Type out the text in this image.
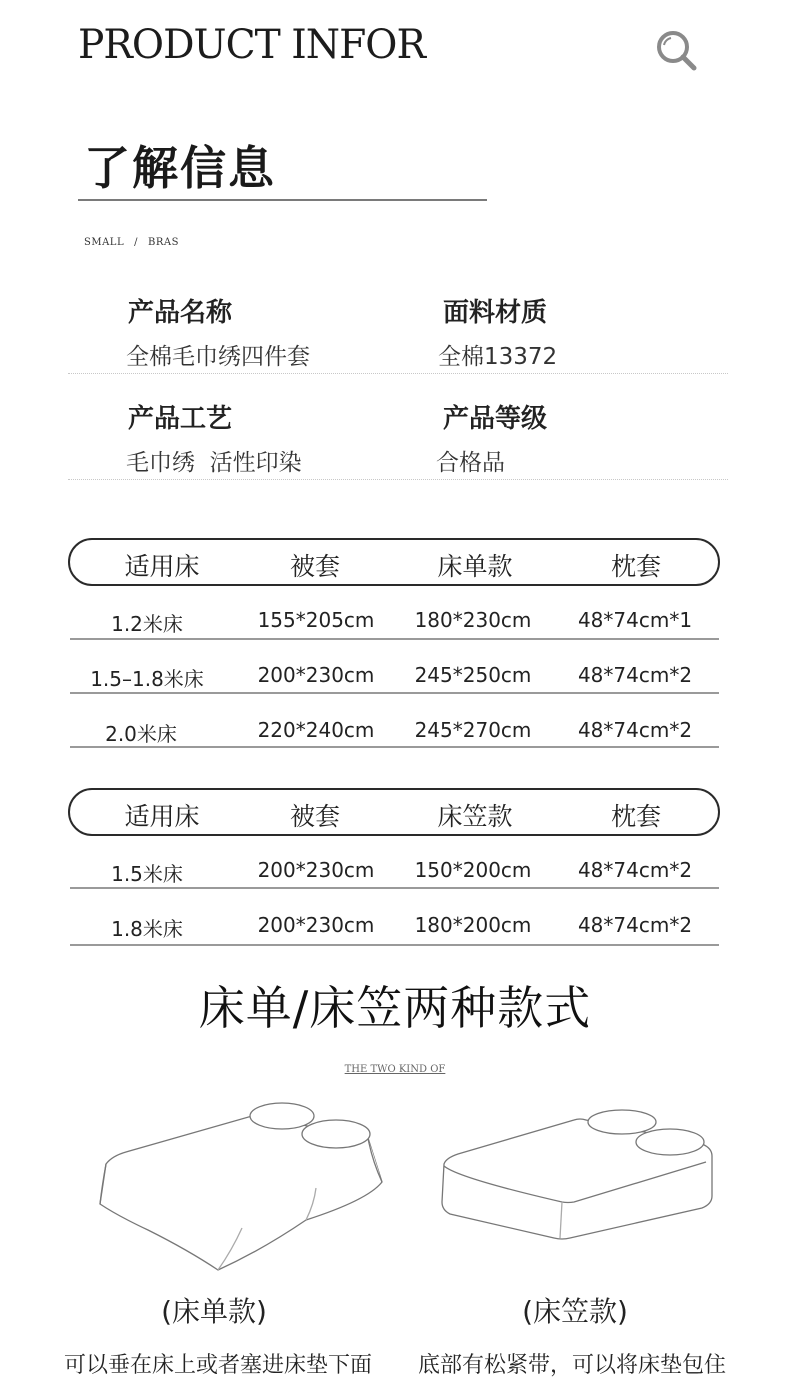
PRODUCT INFOR
了解信息
SMALL / BRAS
产品名称
全棉毛巾绣四件套
面料材质
全棉13372
产品工艺
毛巾绣  活性印染
产品等级
合格品
适用床	被套	床单款	枕套
1.2米床	155*205cm	180*230cm	48*74cm*1
1.5–1.8米床	200*230cm	245*250cm	48*74cm*2
2.0米床	220*240cm	245*270cm	48*74cm*2
适用床	被套	床笠款	枕套
1.5米床	200*230cm	150*200cm	48*74cm*2
1.8米床	200*230cm	180*200cm	48*74cm*2
床单/床笠两种款式
THE TWO KIND OF
(床单款)	(床笠款)
可以垂在床上或者塞进床垫下面	底部有松紧带，可以将床垫包住
